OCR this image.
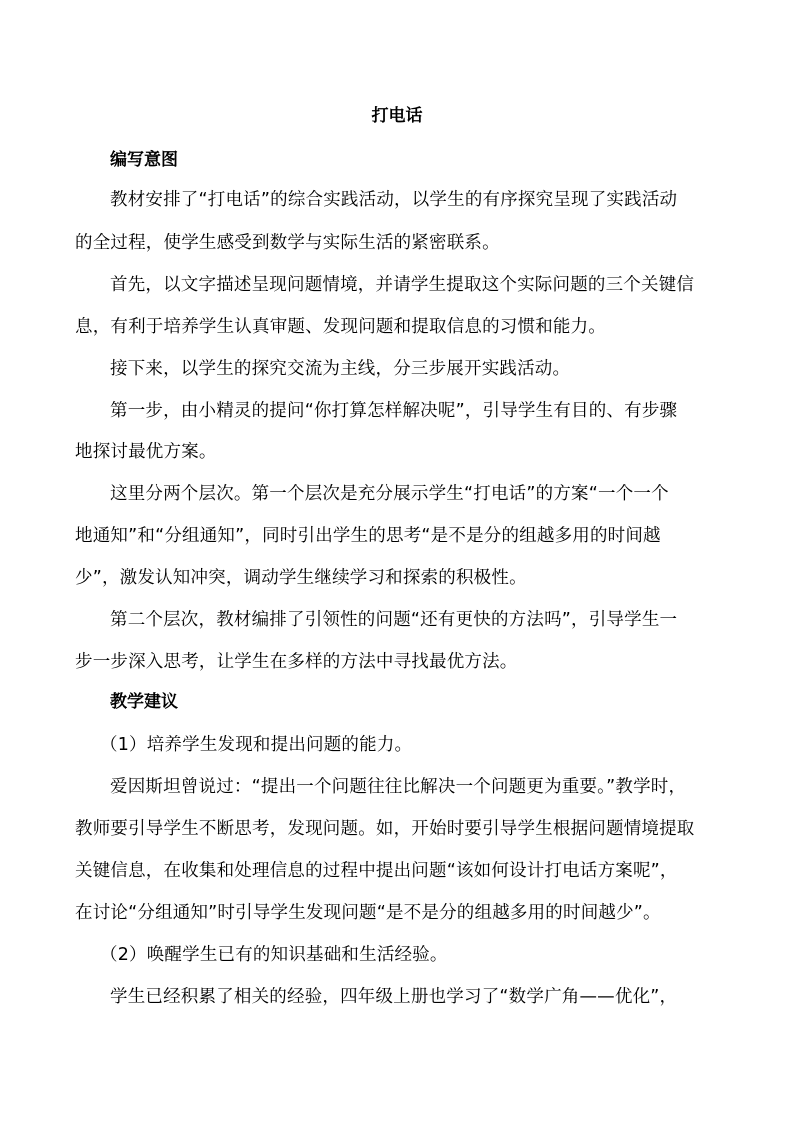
打电话
编写意图
教材安排了“打电话”的综合实践活动，以学生的有序探究呈现了实践活动
的全过程，使学生感受到数学与实际生活的紧密联系。
首先，以文字描述呈现问题情境，并请学生提取这个实际问题的三个关键信
息，有利于培养学生认真审题、发现问题和提取信息的习惯和能力。
接下来，以学生的探究交流为主线，分三步展开实践活动。
第一步，由小精灵的提问“你打算怎样解决呢”，引导学生有目的、有步骤
地探讨最优方案。
这里分两个层次。第一个层次是充分展示学生“打电话”的方案“一个一个
地通知”和“分组通知”，同时引出学生的思考“是不是分的组越多用的时间越
少”，激发认知冲突，调动学生继续学习和探索的积极性。
第二个层次，教材编排了引领性的问题“还有更快的方法吗”，引导学生一
步一步深入思考，让学生在多样的方法中寻找最优方法。
教学建议
（1）培养学生发现和提出问题的能力。
爱因斯坦曾说过：“提出一个问题往往比解决一个问题更为重要。”教学时，
教师要引导学生不断思考，发现问题。如，开始时要引导学生根据问题情境提取
关键信息，在收集和处理信息的过程中提出问题“该如何设计打电话方案呢”，
在讨论“分组通知”时引导学生发现问题“是不是分的组越多用的时间越少”。
（2）唤醒学生已有的知识基础和生活经验。
学生已经积累了相关的经验，四年级上册也学习了“数学广角——优化”，
